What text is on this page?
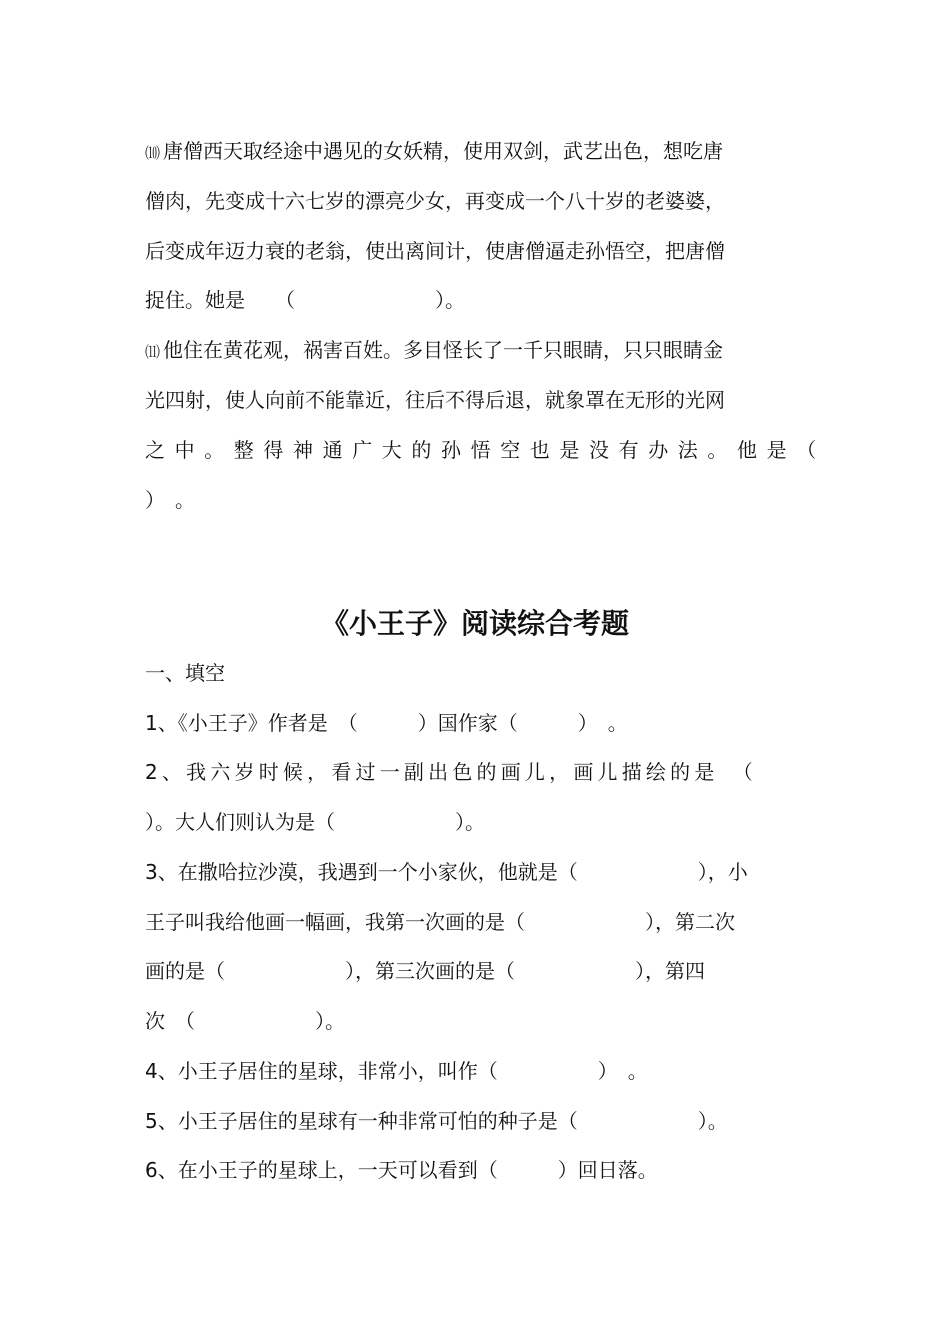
⑽ 唐僧西天取经途中遇见的女妖精，使用双剑，武艺出色，想吃唐

僧肉，先变成十六七岁的漂亮少女，再变成一个八十岁的老婆婆，

后变成年迈力衰的老翁，使出离间计，使唐僧逼走孙悟空，把唐僧

捉住。她是　　（　　　　　　　）。

⑾ 他住在黄花观，祸害百姓。多目怪长了一千只眼睛，只只眼睛金

光四射，使人向前不能靠近，往后不得后退，就象罩在无形的光网

之中。整得神通广大的孙悟空也是没有办法。他是（

）　。

《小王子》阅读综合考题

一、填空

1、《小王子》作者是　（　　　）国作家（　　　）　。

2、我六岁时候，看过一副出色的画儿，画儿描绘的是　（

）。大人们则认为是（　　　　　　）。

3、在撒哈拉沙漠，我遇到一个小家伙，他就是（　　　　　　），小

王子叫我给他画一幅画，我第一次画的是（　　　　　　），第二次

画的是（　　　　　　），第三次画的是（　　　　　　），第四

次　（　　　　　　）。

4、小王子居住的星球，非常小，叫作（　　　　　）　。

5、小王子居住的星球有一种非常可怕的种子是（　　　　　　）。

6、在小王子的星球上，一天可以看到（　　　）回日落。
